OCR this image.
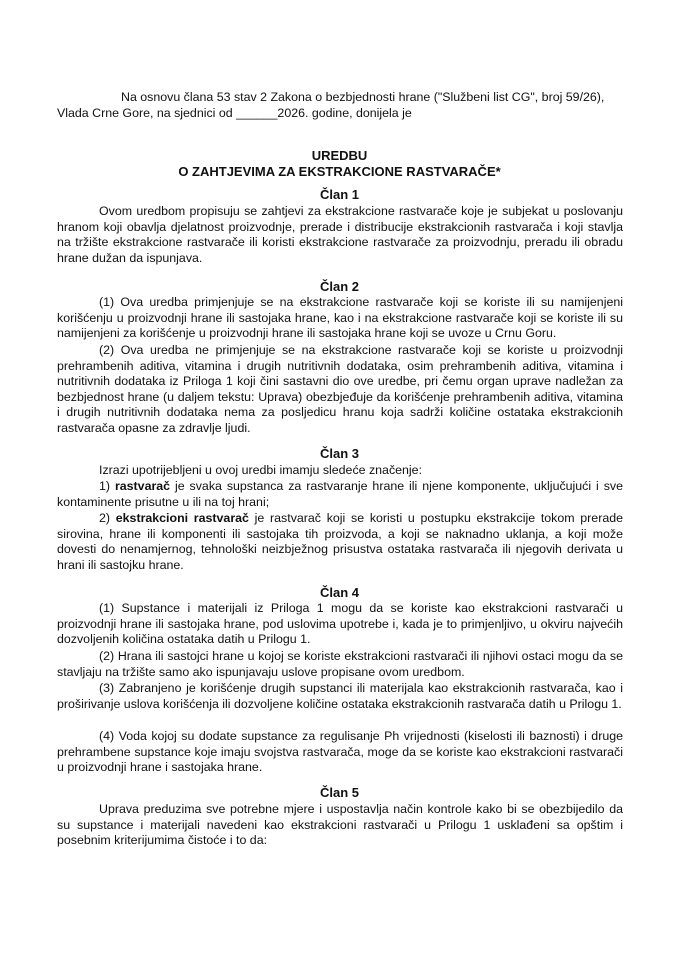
Na osnovu člana 53 stav 2 Zakona o bezbjednosti hrane ("Službeni list CG", broj 59/26),
Vlada Crne Gore, na sjednici od ______2026. godine, donijela je
UREDBU
O ZAHTJEVIMA ZA EKSTRAKCIONE RASTVARAČE*
Član 1
Ovom uredbom propisuju se zahtjevi za ekstrakcione rastvarače koje je subjekat u poslovanju hranom koji obavlja djelatnost proizvodnje, prerade i distribucije ekstrakcionih rastvarača i koji stavlja na tržište ekstrakcione rastvarače ili koristi ekstrakcione rastvarače za proizvodnju, preradu ili obradu hrane dužan da ispunjava.
Član 2
(1) Ova uredba primjenjuje se na ekstrakcione rastvarače koji se koriste ili su namijenjeni korišćenju u proizvodnji hrane ili sastojaka hrane, kao i na ekstrakcione rastvarače koji se koriste ili su namijenjeni za korišćenje u proizvodnji hrane ili sastojaka hrane koji se uvoze u Crnu Goru.
(2) Ova uredba ne primjenjuje se na ekstrakcione rastvarače koji se koriste u proizvodnji prehrambenih aditiva, vitamina i drugih nutritivnih dodataka, osim prehrambenih aditiva, vitamina i nutritivnih dodataka iz Priloga 1 koji čini sastavni dio ove uredbe, pri čemu organ uprave nadležan za bezbjednost hrane (u daljem tekstu: Uprava) obezbjeđuje da korišćenje prehrambenih aditiva, vitamina i drugih nutritivnih dodataka nema za posljedicu hranu koja sadrži količine ostataka ekstrakcionih rastvarača opasne za zdravlje ljudi.
Član 3
Izrazi upotrijebljeni u ovoj uredbi imamju sledeće značenje:
1) rastvarač je svaka supstanca za rastvaranje hrane ili njene komponente, uključujući i sve kontaminente prisutne u ili na toj hrani;
2) ekstrakcioni rastvarač je rastvarač koji se koristi u postupku ekstrakcije tokom prerade sirovina, hrane ili komponenti ili sastojaka tih proizvoda, a koji se naknadno uklanja, a koji može dovesti do nenamjernog, tehnološki neizbježnog prisustva ostataka rastvarača ili njegovih derivata u hrani ili sastojku hrane.
Član 4
(1) Supstance i materijali iz Priloga 1 mogu da se koriste kao ekstrakcioni rastvarači u proizvodnji hrane ili sastojaka hrane, pod uslovima upotrebe i, kada je to primjenljivo, u okviru najvećih dozvoljenih količina ostataka datih u Prilogu 1.
(2) Hrana ili sastojci hrane u kojoj se koriste ekstrakcioni rastvarači ili njihovi ostaci mogu da se stavljaju na tržište samo ako ispunjavaju uslove propisane ovom uredbom.
(3) Zabranjeno je korišćenje drugih supstanci ili materijala kao ekstrakcionih rastvarača, kao i proširivanje uslova korišćenja ili dozvoljene količine ostataka ekstrakcionih rastvarača datih u Prilogu 1.
(4) Voda kojoj su dodate supstance za regulisanje Ph vrijednosti (kiselosti ili baznosti) i druge prehrambene supstance koje imaju svojstva rastvarača, moge da se koriste kao ekstrakcioni rastvarači u proizvodnji hrane i sastojaka hrane.
Član 5
Uprava preduzima sve potrebne mjere i uspostavlja način kontrole kako bi se obezbijedilo da su supstance i materijali navedeni kao ekstrakcioni rastvarači u Prilogu 1 usklađeni sa opštim i posebnim kriterijumima čistoće i to da:
